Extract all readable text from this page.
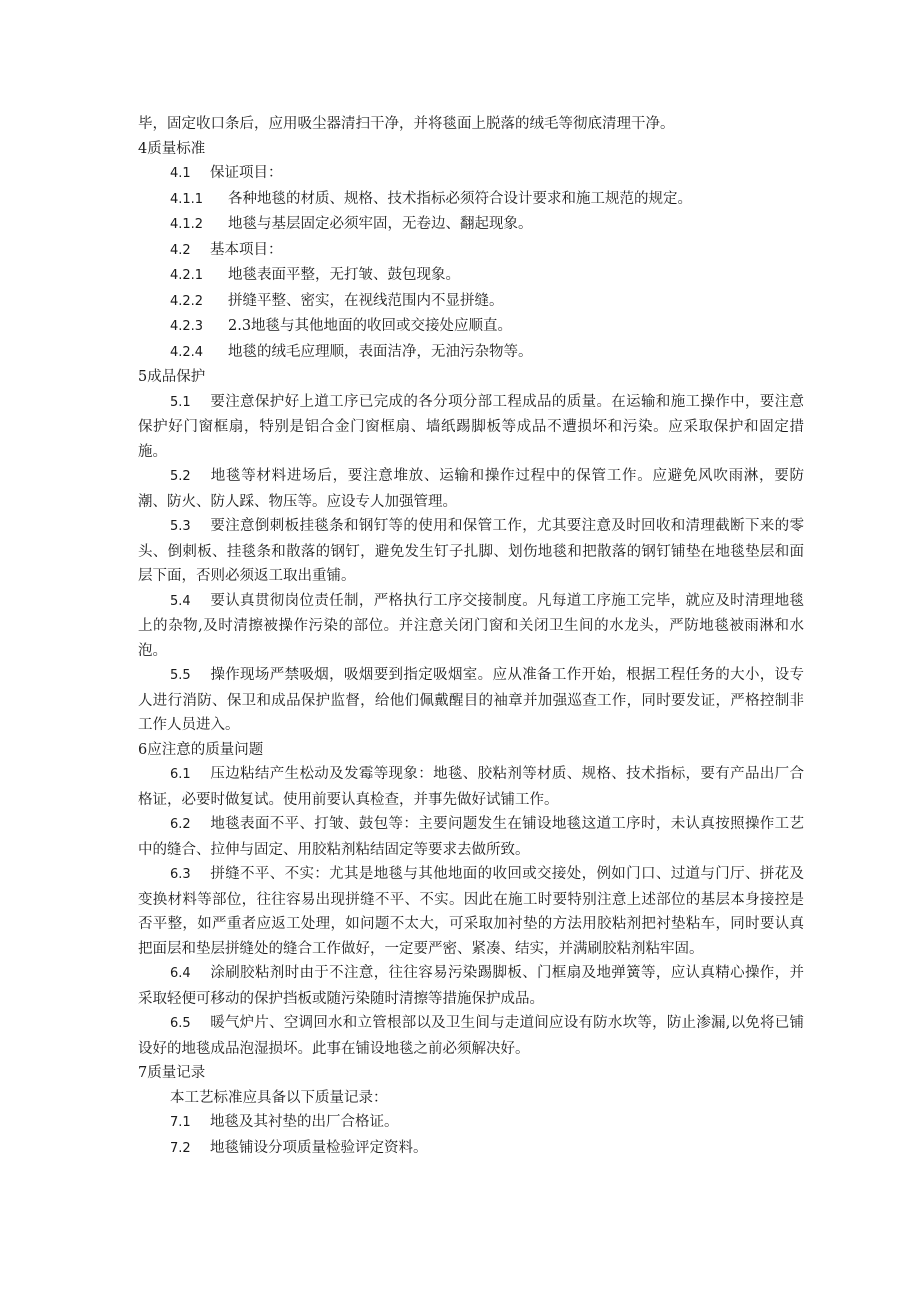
毕，固定收口条后，应用吸尘器清扫干净，并将毯面上脱落的绒毛等彻底清理干净。

4质量标准

4.1 保证项目：

4.1.1 各种地毯的材质、规格、技术指标必须符合设计要求和施工规范的规定。

4.1.2 地毯与基层固定必须牢固，无卷边、翻起现象。

4.2 基本项目：

4.2.1 地毯表面平整，无打皱、鼓包现象。

4.2.2 拼缝平整、密实，在视线范围内不显拼缝。

4.2.3 2.3地毯与其他地面的收回或交接处应顺直。

4.2.4 地毯的绒毛应理顺，表面洁净，无油污杂物等。

5成品保护

5.1 要注意保护好上道工序已完成的各分项分部工程成品的质量。在运输和施工操作中，要注意保护好门窗框扇，特别是铝合金门窗框扇、墙纸踢脚板等成品不遭损坏和污染。应采取保护和固定措施。

5.2 地毯等材料进场后，要注意堆放、运输和操作过程中的保管工作。应避免风吹雨淋，要防潮、防火、防人踩、物压等。应设专人加强管理。

5.3 要注意倒刺板挂毯条和钢钉等的使用和保管工作，尤其要注意及时回收和清理截断下来的零头、倒刺板、挂毯条和散落的钢钉，避免发生钉子扎脚、划伤地毯和把散落的钢钉铺垫在地毯垫层和面层下面，否则必须返工取出重铺。

5.4 要认真贯彻岗位责任制，严格执行工序交接制度。凡每道工序施工完毕，就应及时清理地毯上的杂物,及时清擦被操作污染的部位。并注意关闭门窗和关闭卫生间的水龙头，严防地毯被雨淋和水泡。

5.5 操作现场严禁吸烟，吸烟要到指定吸烟室。应从准备工作开始，根据工程任务的大小，设专人进行消防、保卫和成品保护监督，给他们佩戴醒目的袖章并加强巡查工作，同时要发证，严格控制非工作人员进入。

6应注意的质量问题

6.1 压边粘结产生松动及发霉等现象：地毯、胶粘剂等材质、规格、技术指标，要有产品出厂合格证，必要时做复试。使用前要认真检查，并事先做好试铺工作。

6.2 地毯表面不平、打皱、鼓包等：主要问题发生在铺设地毯这道工序时，未认真按照操作工艺中的缝合、拉伸与固定、用胶粘剂粘结固定等要求去做所致。

6.3 拼缝不平、不实：尤其是地毯与其他地面的收回或交接处，例如门口、过道与门厅、拼花及变换材料等部位，往往容易出现拼缝不平、不实。因此在施工时要特别注意上述部位的基层本身接控是否平整，如严重者应返工处理，如问题不太大，可采取加衬垫的方法用胶粘剂把衬垫粘车，同时要认真把面层和垫层拼缝处的缝合工作做好，一定要严密、紧凑、结实，并满刷胶粘剂粘牢固。

6.4 涂刷胶粘剂时由于不注意，往往容易污染踢脚板、门框扇及地弹簧等，应认真精心操作，并采取轻便可移动的保护挡板或随污染随时清擦等措施保护成品。

6.5 暖气炉片、空调回水和立管根部以及卫生间与走道间应设有防水坎等，防止渗漏,以免将已铺设好的地毯成品泡湿损坏。此事在铺设地毯之前必须解决好。

7质量记录

本工艺标准应具备以下质量记录：

7.1 地毯及其衬垫的出厂合格证。

7.2 地毯铺设分项质量检验评定资料。
